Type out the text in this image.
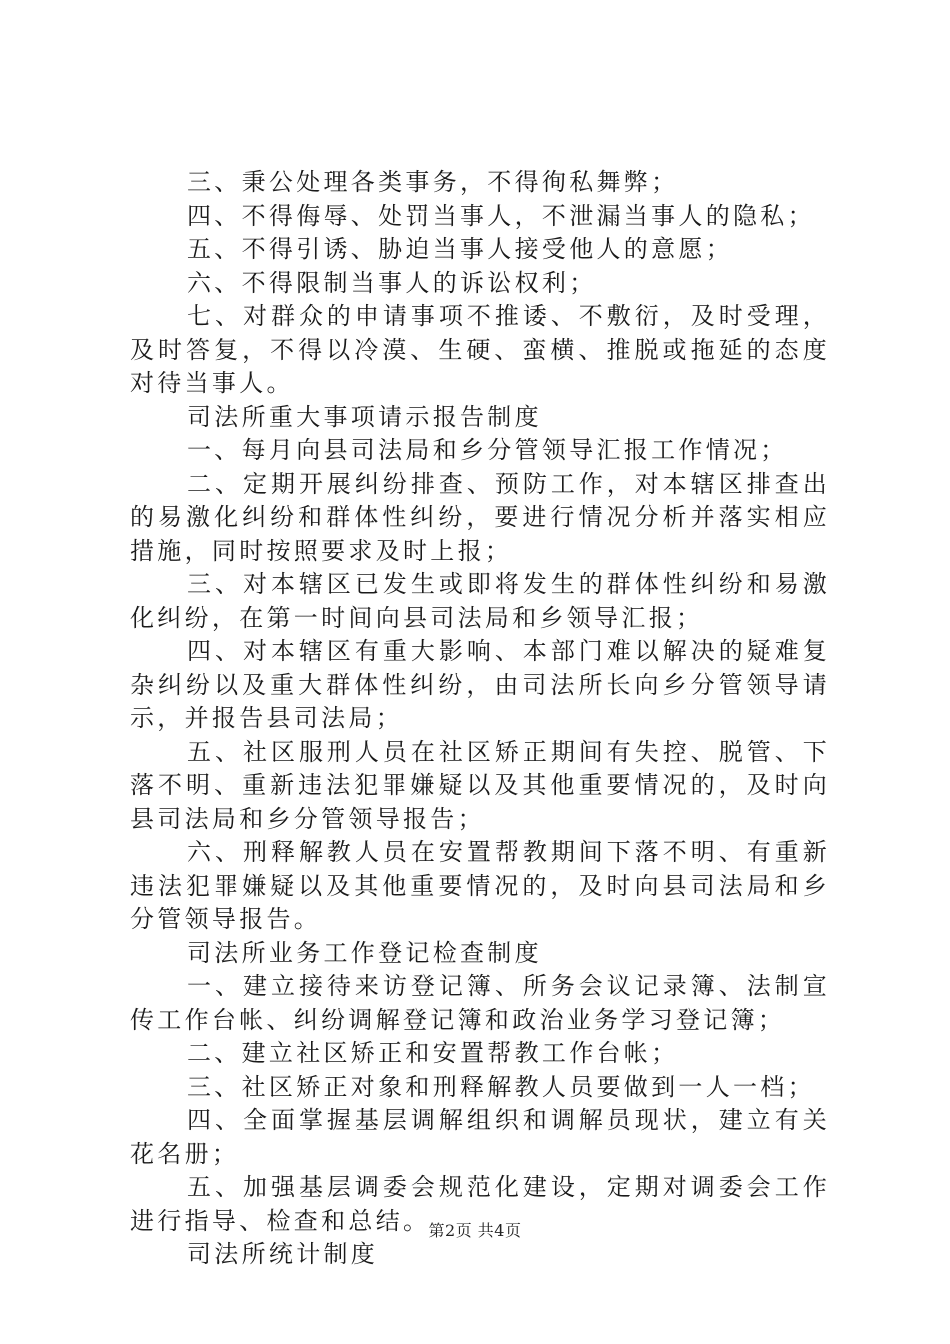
三、秉公处理各类事务，不得徇私舞弊；

四、不得侮辱、处罚当事人，不泄漏当事人的隐私；

五、不得引诱、胁迫当事人接受他人的意愿；

六、不得限制当事人的诉讼权利；

七、对群众的申请事项不推诿、不敷衍，及时受理，及时答复，不得以冷漠、生硬、蛮横、推脱或拖延的态度对待当事人。

司法所重大事项请示报告制度

一、每月向县司法局和乡分管领导汇报工作情况；

二、定期开展纠纷排查、预防工作，对本辖区排查出的易激化纠纷和群体性纠纷，要进行情况分析并落实相应措施，同时按照要求及时上报；

三、对本辖区已发生或即将发生的群体性纠纷和易激化纠纷，在第一时间向县司法局和乡领导汇报；

四、对本辖区有重大影响、本部门难以解决的疑难复杂纠纷以及重大群体性纠纷，由司法所长向乡分管领导请示，并报告县司法局；

五、社区服刑人员在社区矫正期间有失控、脱管、下落不明、重新违法犯罪嫌疑以及其他重要情况的，及时向县司法局和乡分管领导报告；

六、刑释解教人员在安置帮教期间下落不明、有重新违法犯罪嫌疑以及其他重要情况的，及时向县司法局和乡分管领导报告。

司法所业务工作登记检查制度

一、建立接待来访登记簿、所务会议记录簿、法制宣传工作台帐、纠纷调解登记簿和政治业务学习登记簿；

二、建立社区矫正和安置帮教工作台帐；

三、社区矫正对象和刑释解教人员要做到一人一档；

四、全面掌握基层调解组织和调解员现状，建立有关花名册；

五、加强基层调委会规范化建设，定期对调委会工作进行指导、检查和总结。

司法所统计制度

第2页 共4页
